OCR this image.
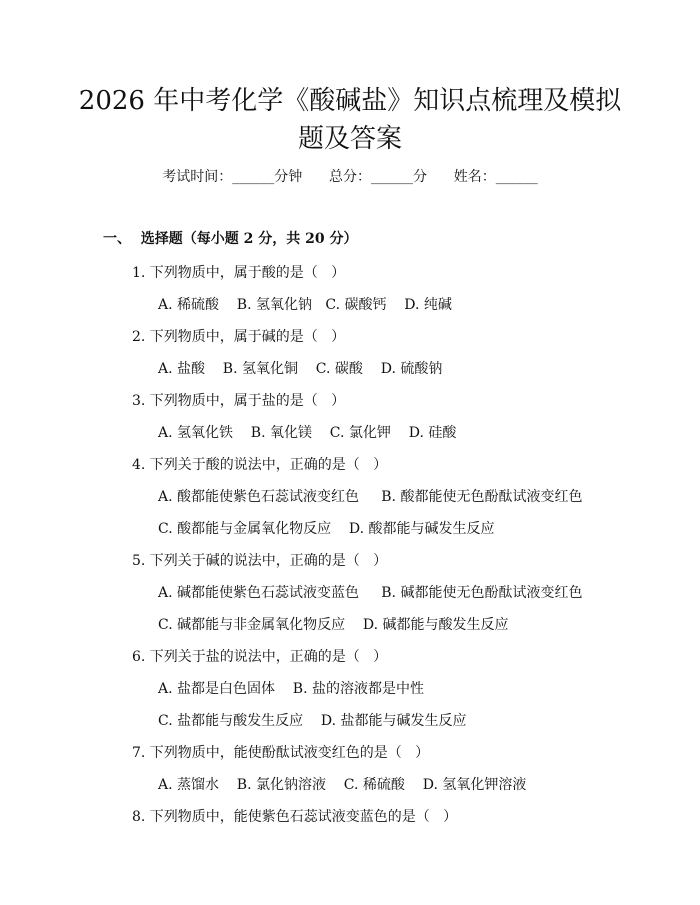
2026 年中考化学《酸碱盐》知识点梳理及模拟题及答案

考试时间：______分钟      总分：______分      姓名：______

一、  选择题（每小题 2 分，共 20 分）
1. 下列物质中，属于酸的是（   ）
A. 稀硫酸    B. 氢氧化钠   C. 碳酸钙    D. 纯碱
2. 下列物质中，属于碱的是（   ）
A. 盐酸    B. 氢氧化铜    C. 碳酸    D. 硫酸钠
3. 下列物质中，属于盐的是（   ）
A. 氢氧化铁    B. 氧化镁    C. 氯化钾    D. 硅酸
4. 下列关于酸的说法中，正确的是（   ）
A. 酸都能使紫色石蕊试液变红色     B. 酸都能使无色酚酞试液变红色
C. 酸都能与金属氧化物反应    D. 酸都能与碱发生反应
5. 下列关于碱的说法中，正确的是（   ）
A. 碱都能使紫色石蕊试液变蓝色     B. 碱都能使无色酚酞试液变红色
C. 碱都能与非金属氧化物反应    D. 碱都能与酸发生反应
6. 下列关于盐的说法中，正确的是（   ）
A. 盐都是白色固体    B. 盐的溶液都是中性
C. 盐都能与酸发生反应    D. 盐都能与碱发生反应
7. 下列物质中，能使酚酞试液变红色的是（   ）
A. 蒸馏水    B. 氯化钠溶液    C. 稀硫酸    D. 氢氧化钾溶液
8. 下列物质中，能使紫色石蕊试液变蓝色的是（   ）
